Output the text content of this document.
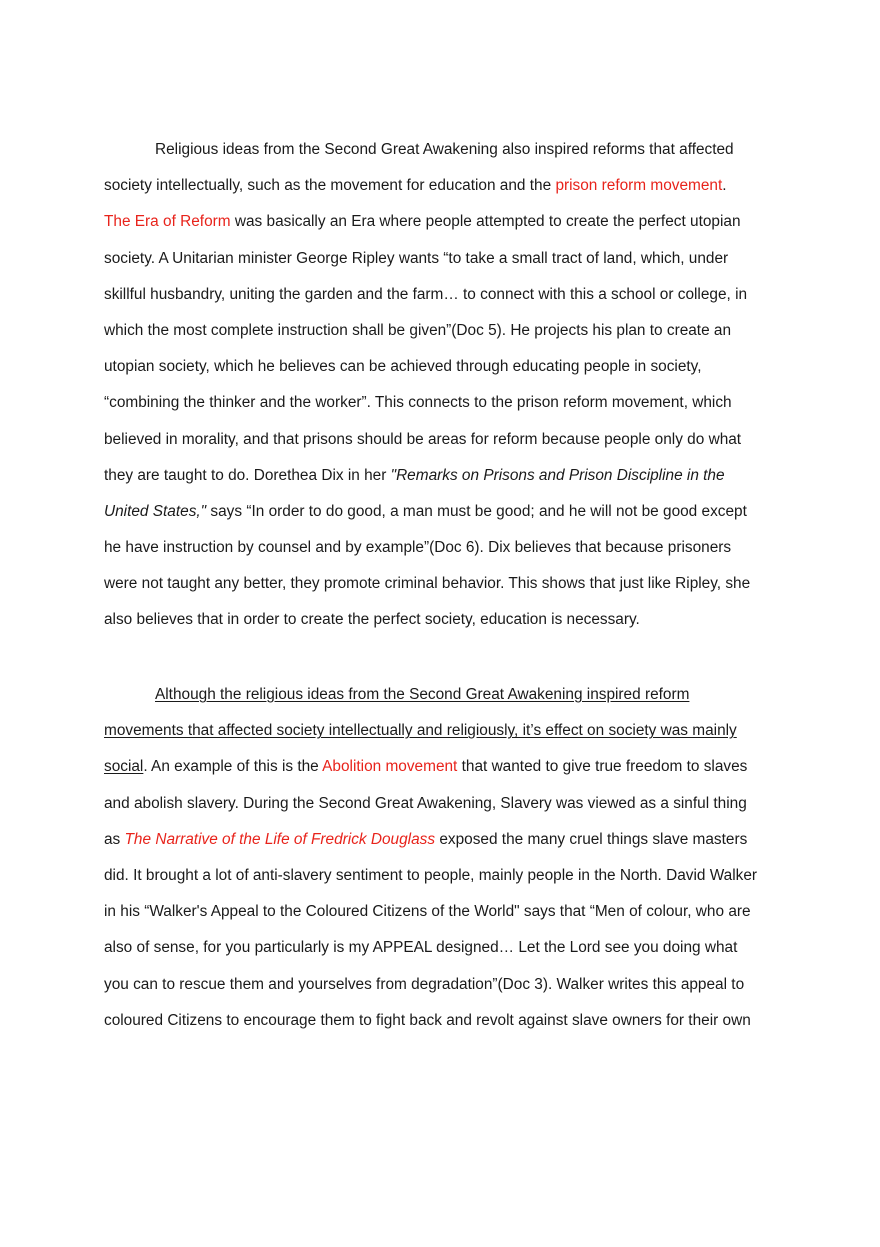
Religious ideas from the Second Great Awakening also inspired reforms that affected
society intellectually, such as the movement for education and the prison reform movement.
The Era of Reform was basically an Era where people attempted to create the perfect utopian
society. A Unitarian minister George Ripley wants “to take a small tract of land, which, under
skillful husbandry, uniting the garden and the farm… to connect with this a school or college, in
which the most complete instruction shall be given”(Doc 5). He projects his plan to create an
utopian society, which he believes can be achieved through educating people in society,
“combining the thinker and the worker”. This connects to the prison reform movement, which
believed in morality, and that prisons should be areas for reform because people only do what
they are taught to do. Dorethea Dix in her "Remarks on Prisons and Prison Discipline in the
United States," says “In order to do good, a man must be good; and he will not be good except
he have instruction by counsel and by example”(Doc 6). Dix believes that because prisoners
were not taught any better, they promote criminal behavior. This shows that just like Ripley, she
also believes that in order to create the perfect society, education is necessary.

Although the religious ideas from the Second Great Awakening inspired reform
movements that affected society intellectually and religiously, it’s effect on society was mainly
social. An example of this is the Abolition movement that wanted to give true freedom to slaves
and abolish slavery. During the Second Great Awakening, Slavery was viewed as a sinful thing
as The Narrative of the Life of Fredrick Douglass exposed the many cruel things slave masters
did. It brought a lot of anti-slavery sentiment to people, mainly people in the North. David Walker
in his “Walker's Appeal to the Coloured Citizens of the World" says that “Men of colour, who are
also of sense, for you particularly is my APPEAL designed… Let the Lord see you doing what
you can to rescue them and yourselves from degradation”(Doc 3). Walker writes this appeal to
coloured Citizens to encourage them to fight back and revolt against slave owners for their own
